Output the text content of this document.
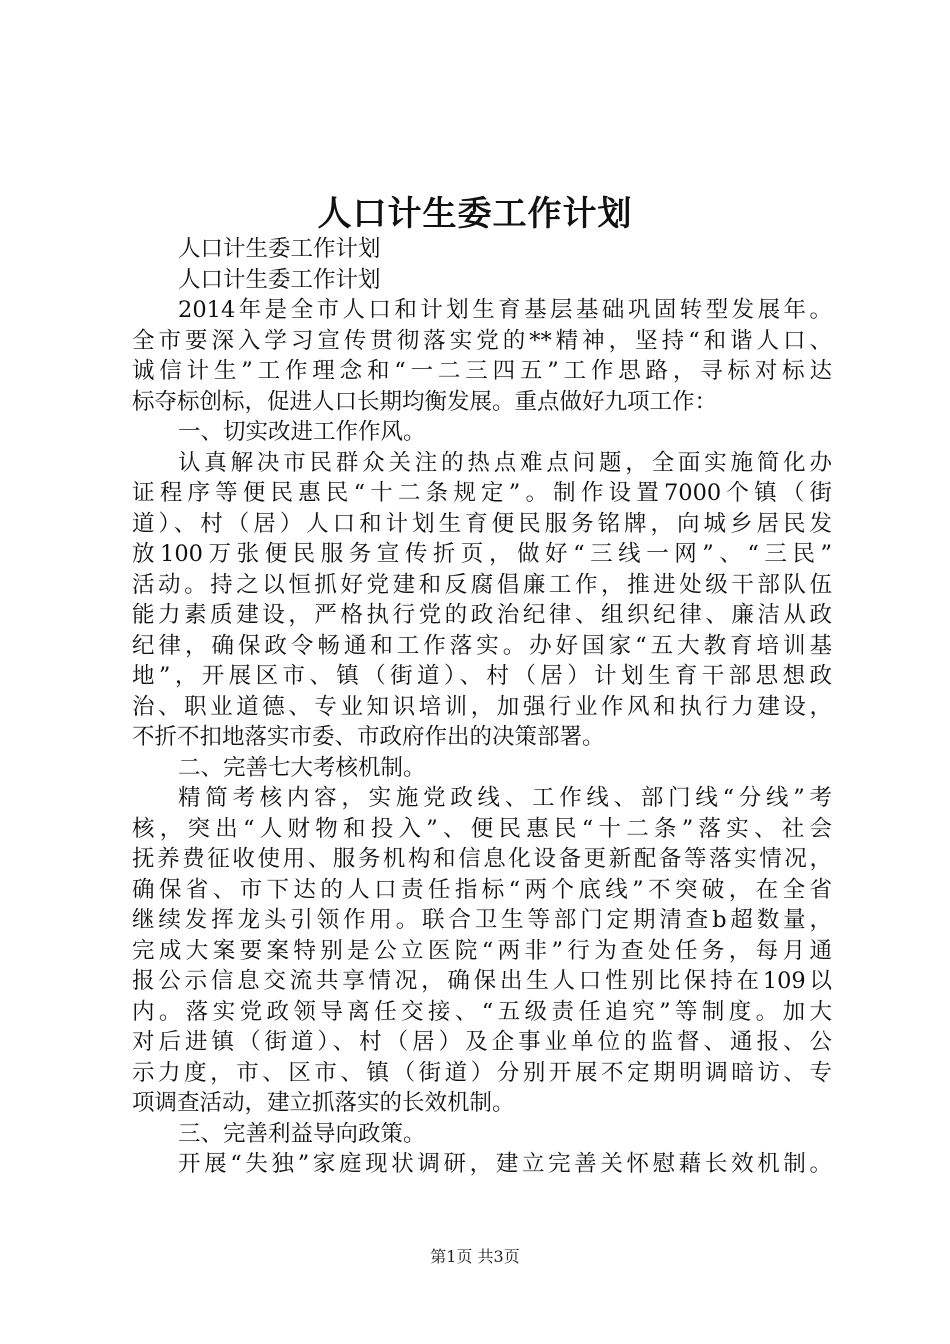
人口计生委工作计划
人口计生委工作计划
人口计生委工作计划
2014年是全市人口和计划生育基层基础巩固转型发展年。
全市要深入学习宣传贯彻落实党的**精神，坚持“和谐人口、
诚信计生”工作理念和“一二三四五”工作思路，寻标对标达
标夺标创标，促进人口长期均衡发展。重点做好九项工作：
一、切实改进工作作风。
认真解决市民群众关注的热点难点问题，全面实施简化办
证程序等便民惠民“十二条规定”。制作设置7000个镇（街
道）、村（居）人口和计划生育便民服务铭牌，向城乡居民发
放100万张便民服务宣传折页，做好“三线一网”、“三民”
活动。持之以恒抓好党建和反腐倡廉工作，推进处级干部队伍
能力素质建设，严格执行党的政治纪律、组织纪律、廉洁从政
纪律，确保政令畅通和工作落实。办好国家“五大教育培训基
地”，开展区市、镇（街道）、村（居）计划生育干部思想政
治、职业道德、专业知识培训，加强行业作风和执行力建设，
不折不扣地落实市委、市政府作出的决策部署。
二、完善七大考核机制。
精简考核内容，实施党政线、工作线、部门线“分线”考
核，突出“人财物和投入”、便民惠民“十二条”落实、社会
抚养费征收使用、服务机构和信息化设备更新配备等落实情况，
确保省、市下达的人口责任指标“两个底线”不突破，在全省
继续发挥龙头引领作用。联合卫生等部门定期清查b超数量，
完成大案要案特别是公立医院“两非”行为查处任务，每月通
报公示信息交流共享情况，确保出生人口性别比保持在109以
内。落实党政领导离任交接、“五级责任追究”等制度。加大
对后进镇（街道）、村（居）及企事业单位的监督、通报、公
示力度，市、区市、镇（街道）分别开展不定期明调暗访、专
项调查活动，建立抓落实的长效机制。
三、完善利益导向政策。
开展“失独”家庭现状调研，建立完善关怀慰藉长效机制。
第1页 共3页
